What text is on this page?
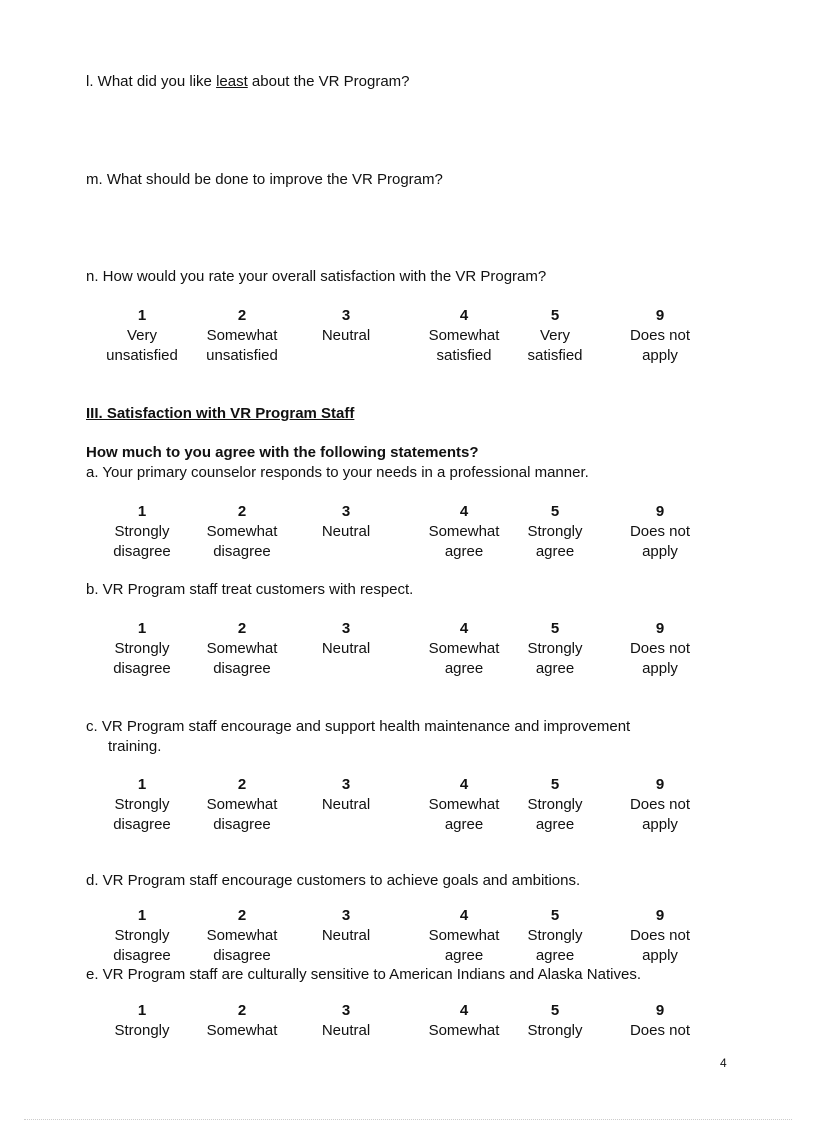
l. What did you like least about the VR Program?
m. What should be done to improve the VR Program?
n. How would you rate your overall satisfaction with the VR Program?
1
Very
unsatisfied
2
Somewhat
unsatisfied
3
Neutral
4
Somewhat
satisfied
5
Very
satisfied
9
Does not
apply
III. Satisfaction with VR Program Staff
How much to you agree with the following statements?
a. Your primary counselor responds to your needs in a professional manner.
1
Strongly
disagree
2
Somewhat
disagree
3
Neutral
4
Somewhat
agree
5
Strongly
agree
9
Does not
apply
b. VR Program staff treat customers with respect.
1
Strongly
disagree
2
Somewhat
disagree
3
Neutral
4
Somewhat
agree
5
Strongly
agree
9
Does not
apply
c. VR Program staff encourage and support health maintenance and improvement
training.
1
Strongly
disagree
2
Somewhat
disagree
3
Neutral
4
Somewhat
agree
5
Strongly
agree
9
Does not
apply
d. VR Program staff encourage customers to achieve goals and ambitions.
1
Strongly
disagree
2
Somewhat
disagree
3
Neutral
4
Somewhat
agree
5
Strongly
agree
9
Does not
apply
e. VR Program staff are culturally sensitive to American Indians and Alaska Natives.
1
Strongly
2
Somewhat
3
Neutral
4
Somewhat
5
Strongly
9
Does not
4
